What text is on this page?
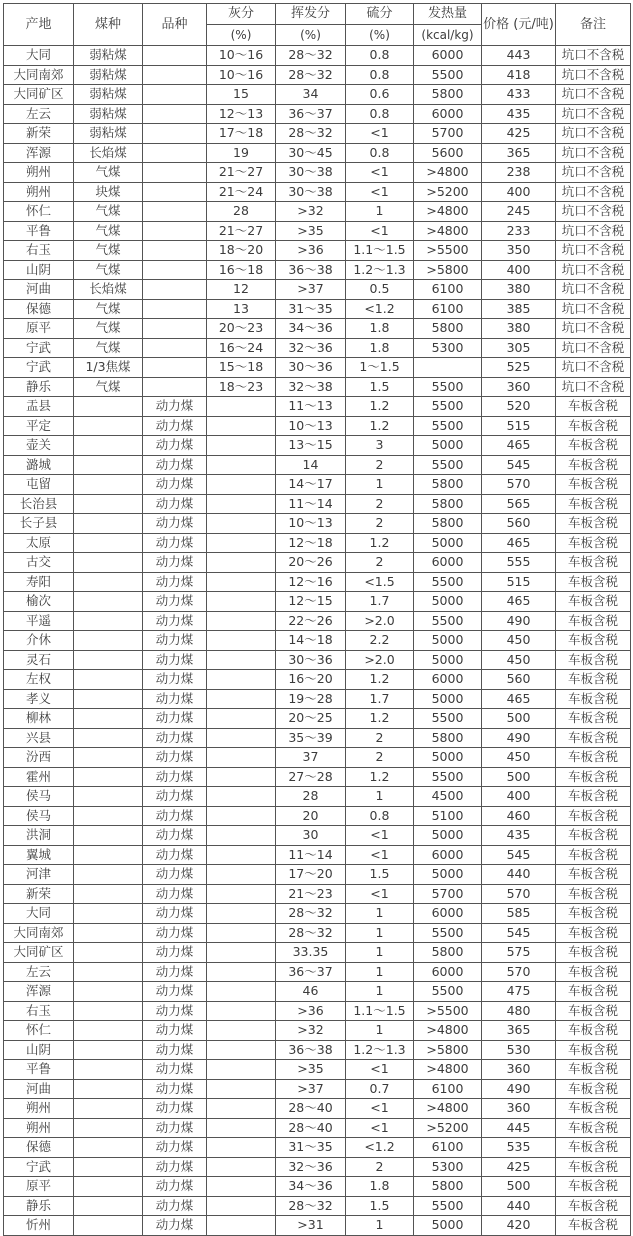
产地	煤种	品种	灰分	挥发分	硫分	发热量	价格 (元/吨)	备注
			(%)	(%)	(%)	(kcal/kg)		
大同	弱粘煤		10～16	28～32	0.8	6000	443	坑口不含税
大同南郊	弱粘煤		10～16	28～32	0.8	5500	418	坑口不含税
大同矿区	弱粘煤		15	34	0.6	5800	433	坑口不含税
左云	弱粘煤		12～13	36～37	0.8	6000	435	坑口不含税
新荣	弱粘煤		17～18	28～32	<1	5700	425	坑口不含税
浑源	长焰煤		19	30～45	0.8	5600	365	坑口不含税
朔州	气煤		21～27	30～38	<1	>4800	238	坑口不含税
朔州	块煤		21～24	30～38	<1	>5200	400	坑口不含税
怀仁	气煤		28	>32	1	>4800	245	坑口不含税
平鲁	气煤		21～27	>35	<1	>4800	233	坑口不含税
右玉	气煤		18～20	>36	1.1～1.5	>5500	350	坑口不含税
山阴	气煤		16～18	36～38	1.2～1.3	>5800	400	坑口不含税
河曲	长焰煤		12	>37	0.5	6100	380	坑口不含税
保德	气煤		13	31～35	<1.2	6100	385	坑口不含税
原平	气煤		20～23	34～36	1.8	5800	380	坑口不含税
宁武	气煤		16～24	32～36	1.8	5300	305	坑口不含税
宁武	1/3焦煤		15～18	30～36	1～1.5		525	坑口不含税
静乐	气煤		18～23	32～38	1.5	5500	360	坑口不含税
盂县		动力煤		11～13	1.2	5500	520	车板含税
平定		动力煤		10～13	1.2	5500	515	车板含税
壶关		动力煤		13～15	3	5000	465	车板含税
潞城		动力煤		14	2	5500	545	车板含税
屯留		动力煤		14～17	1	5800	570	车板含税
长治县		动力煤		11～14	2	5800	565	车板含税
长子县		动力煤		10～13	2	5800	560	车板含税
太原		动力煤		12～18	1.2	5000	465	车板含税
古交		动力煤		20～26	2	6000	555	车板含税
寿阳		动力煤		12～16	<1.5	5500	515	车板含税
榆次		动力煤		12～15	1.7	5000	465	车板含税
平遥		动力煤		22～26	>2.0	5500	490	车板含税
介休		动力煤		14～18	2.2	5000	450	车板含税
灵石		动力煤		30～36	>2.0	5000	450	车板含税
左权		动力煤		16～20	1.2	6000	560	车板含税
孝义		动力煤		19～28	1.7	5000	465	车板含税
柳林		动力煤		20～25	1.2	5500	500	车板含税
兴县		动力煤		35～39	2	5800	490	车板含税
汾西		动力煤		37	2	5000	450	车板含税
霍州		动力煤		27～28	1.2	5500	500	车板含税
侯马		动力煤		28	1	4500	400	车板含税
侯马		动力煤		20	0.8	5100	460	车板含税
洪洞		动力煤		30	<1	5000	435	车板含税
翼城		动力煤		11～14	<1	6000	545	车板含税
河津		动力煤		17～20	1.5	5000	440	车板含税
新荣		动力煤		21～23	<1	5700	570	车板含税
大同		动力煤		28～32	1	6000	585	车板含税
大同南郊		动力煤		28～32	1	5500	545	车板含税
大同矿区		动力煤		33.35	1	5800	575	车板含税
左云		动力煤		36～37	1	6000	570	车板含税
浑源		动力煤		46	1	5500	475	车板含税
右玉		动力煤		>36	1.1～1.5	>5500	480	车板含税
怀仁		动力煤		>32	1	>4800	365	车板含税
山阴		动力煤		36～38	1.2～1.3	>5800	530	车板含税
平鲁		动力煤		>35	<1	>4800	360	车板含税
河曲		动力煤		>37	0.7	6100	490	车板含税
朔州		动力煤		28～40	<1	>4800	360	车板含税
朔州		动力煤		28～40	<1	>5200	445	车板含税
保德		动力煤		31～35	<1.2	6100	535	车板含税
宁武		动力煤		32～36	2	5300	425	车板含税
原平		动力煤		34～36	1.8	5800	500	车板含税
静乐		动力煤		28～32	1.5	5500	440	车板含税
忻州		动力煤		>31	1	5000	420	车板含税
